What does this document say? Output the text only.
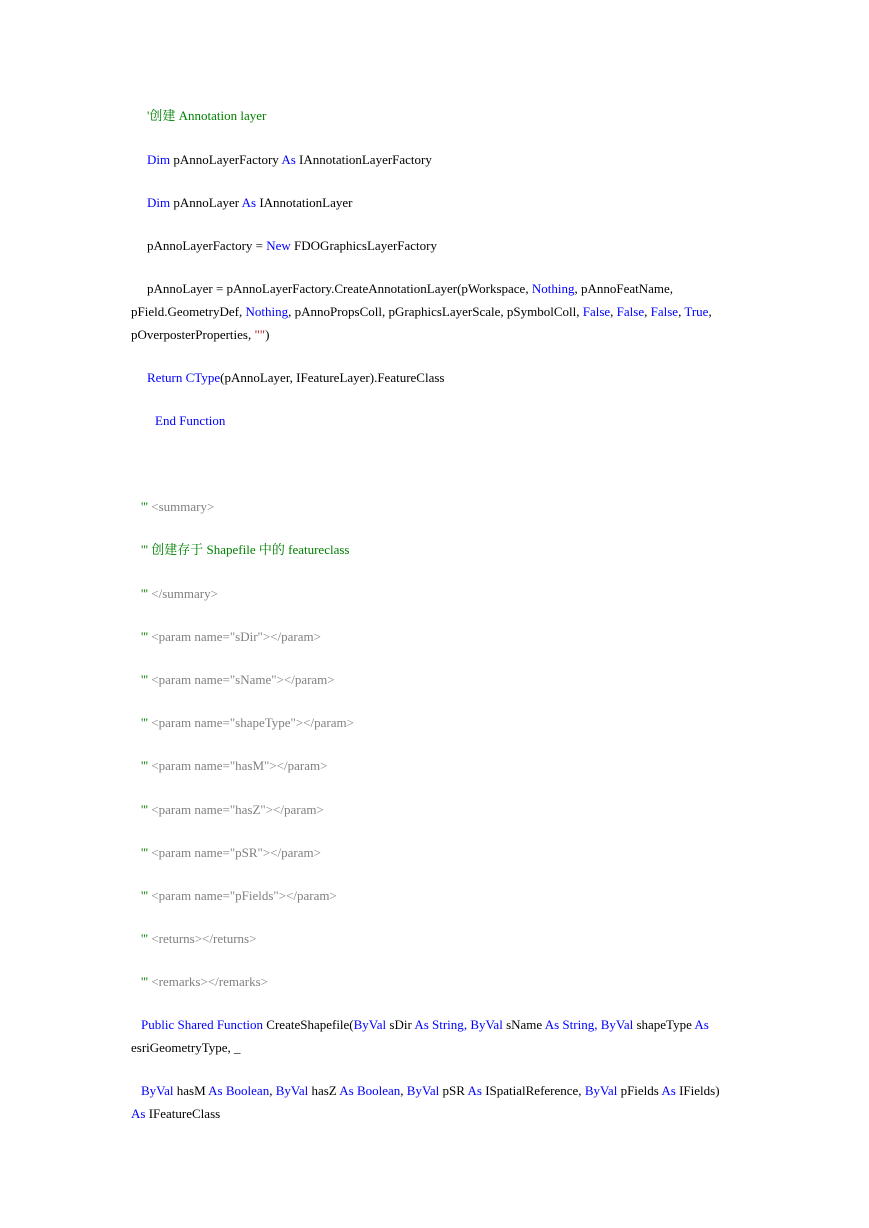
'创建 Annotation layer
Dim pAnnoLayerFactory As IAnnotationLayerFactory
Dim pAnnoLayer As IAnnotationLayer
pAnnoLayerFactory = New FDOGraphicsLayerFactory
pAnnoLayer = pAnnoLayerFactory.CreateAnnotationLayer(pWorkspace, Nothing, pAnnoFeatName,
pField.GeometryDef, Nothing, pAnnoPropsColl, pGraphicsLayerScale, pSymbolColl, False, False, False, True,
pOverposterProperties, "")
Return CType(pAnnoLayer, IFeatureLayer).FeatureClass
End Function
''' <summary>
''' 创建存于 Shapefile 中的 featureclass
''' </summary>
''' <param name="sDir"></param>
''' <param name="sName"></param>
''' <param name="shapeType"></param>
''' <param name="hasM"></param>
''' <param name="hasZ"></param>
''' <param name="pSR"></param>
''' <param name="pFields"></param>
''' <returns></returns>
''' <remarks></remarks>
Public Shared Function CreateShapefile(ByVal sDir As String, ByVal sName As String, ByVal shapeType As
esriGeometryType, _
ByVal hasM As Boolean, ByVal hasZ As Boolean, ByVal pSR As ISpatialReference, ByVal pFields As IFields)
As IFeatureClass
